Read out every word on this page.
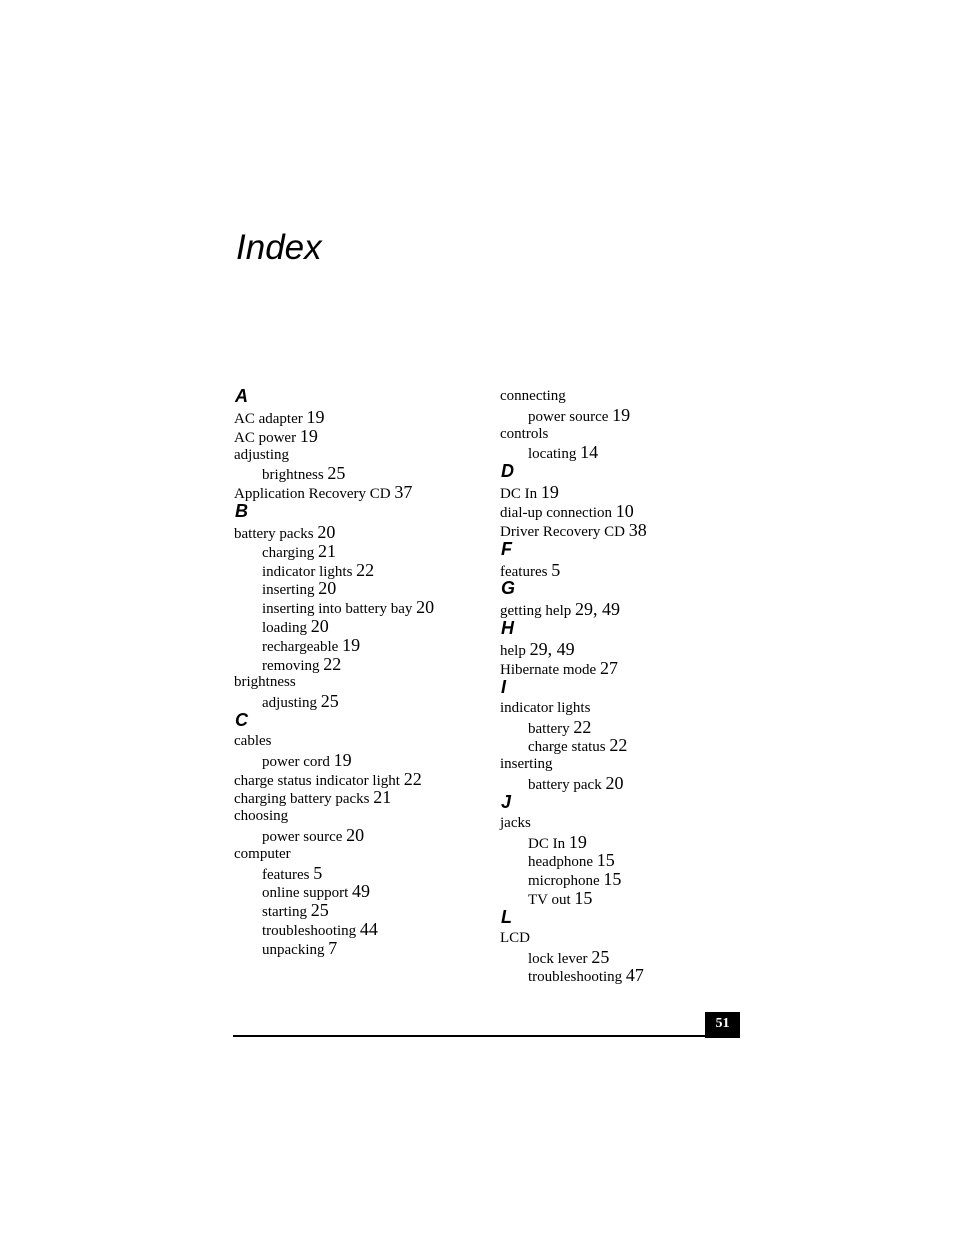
Index
A
AC adapter 19
AC power 19
adjusting
brightness 25
Application Recovery CD 37
B
battery packs 20
charging 21
indicator lights 22
inserting 20
inserting into battery bay 20
loading 20
rechargeable 19
removing 22
brightness
adjusting 25
C
cables
power cord 19
charge status indicator light 22
charging battery packs 21
choosing
power source 20
computer
features 5
online support 49
starting 25
troubleshooting 44
unpacking 7
connecting
power source 19
controls
locating 14
D
DC In 19
dial-up connection 10
Driver Recovery CD 38
F
features 5
G
getting help 29, 49
H
help 29, 49
Hibernate mode 27
I
indicator lights
battery 22
charge status 22
inserting
battery pack 20
J
jacks
DC In 19
headphone 15
microphone 15
TV out 15
L
LCD
lock lever 25
troubleshooting 47
51
